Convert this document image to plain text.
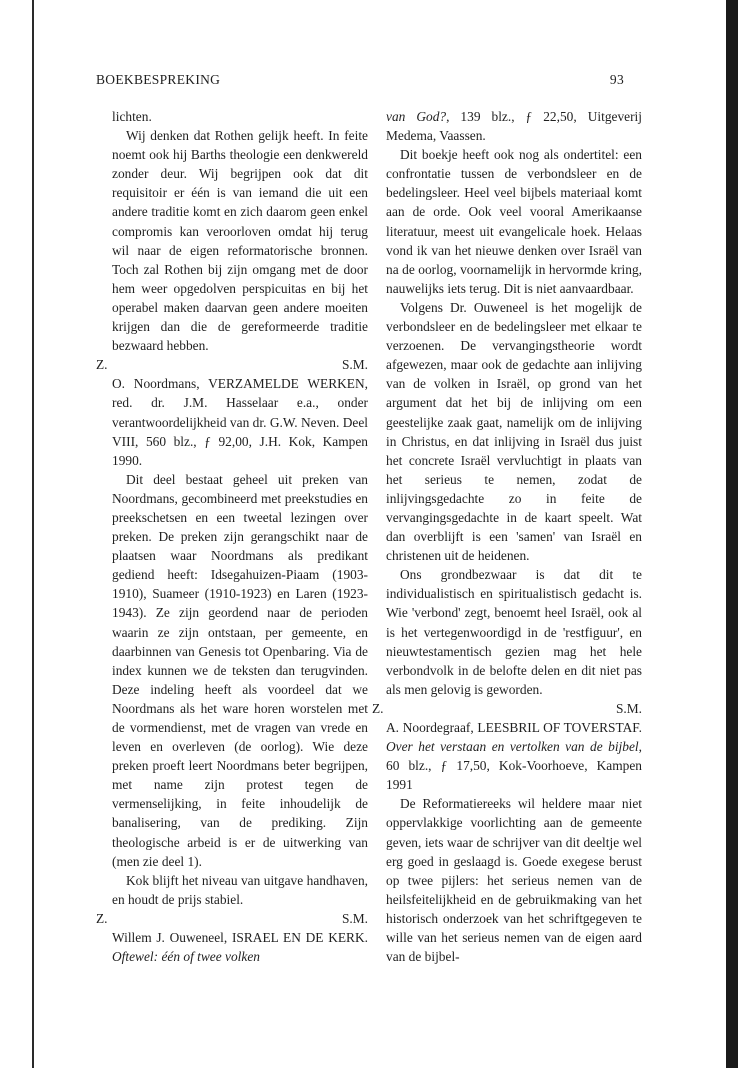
BOEKBESPREKING	93

lichten.

Wij denken dat Rothen gelijk heeft. In feite noemt ook hij Barths theologie een denkwereld zonder deur. Wij begrijpen ook dat dit requisitoir er één is van iemand die uit een andere traditie komt en zich daarom geen enkel compromis kan veroorloven omdat hij terug wil naar de eigen reformatorische bronnen. Toch zal Rothen bij zijn omgang met de door hem weer opgedolven perspicuitas en bij het operabel maken daarvan geen andere moeiten krijgen dan die de gereformeerde traditie bezwaard hebben.

Z.	S.M.

O. Noordmans, VERZAMELDE WERKEN, red. dr. J.M. Hasselaar e.a., onder verantwoordelijkheid van dr. G.W. Neven. Deel VIII, 560 blz., ƒ 92,00, J.H. Kok, Kampen 1990.

Dit deel bestaat geheel uit preken van Noordmans, gecombineerd met preekstudies en preekschetsen en een tweetal lezingen over preken. De preken zijn gerangschikt naar de plaatsen waar Noordmans als predikant gediend heeft: Idsegahuizen-Piaam (1903-1910), Suameer (1910-1923) en Laren (1923-1943). Ze zijn geordend naar de perioden waarin ze zijn ontstaan, per gemeente, en daarbinnen van Genesis tot Openbaring. Via de index kunnen we de teksten dan terugvinden. Deze indeling heeft als voordeel dat we Noordmans als het ware horen worstelen met de vormendienst, met de vragen van vrede en leven en overleven (de oorlog). Wie deze preken proeft leert Noordmans beter begrijpen, met name zijn protest tegen de vermenselijking, in feite inhoudelijk de banalisering, van de prediking. Zijn theologische arbeid is er de uitwerking van (men zie deel 1).

Kok blijft het niveau van uitgave handhaven, en houdt de prijs stabiel.

Z.	S.M.

Willem J. Ouweneel, ISRAEL EN DE KERK. Oftewel: één of twee volken

van God?, 139 blz., ƒ 22,50, Uitgeverij Medema, Vaassen.

Dit boekje heeft ook nog als ondertitel: een confrontatie tussen de verbondsleer en de bedelingsleer. Heel veel bijbels materiaal komt aan de orde. Ook veel vooral Amerikaanse literatuur, meest uit evangelicale hoek. Helaas vond ik van het nieuwe denken over Israël van na de oorlog, voornamelijk in hervormde kring, nauwelijks iets terug. Dit is niet aanvaardbaar.

Volgens Dr. Ouweneel is het mogelijk de verbondsleer en de bedelingsleer met elkaar te verzoenen. De vervangingstheorie wordt afgewezen, maar ook de gedachte aan inlijving van de volken in Israël, op grond van het argument dat het bij de inlijving om een geestelijke zaak gaat, namelijk om de inlijving in Christus, en dat inlijving in Israël dus juist het concrete Israël vervluchtigt in plaats van het serieus te nemen, zodat de inlijvingsgedachte zo in feite de vervangingsgedachte in de kaart speelt. Wat dan overblijft is een 'samen' van Israël en christenen uit de heidenen.

Ons grondbezwaar is dat dit te individualistisch en spiritualistisch gedacht is. Wie 'verbond' zegt, benoemt heel Israël, ook al is het vertegenwoordigd in de 'restfiguur', en nieuwtestamentisch gezien mag het hele verbondvolk in de belofte delen en dit niet pas als men gelovig is geworden.

Z.	S.M.

A. Noordegraaf, LEESBRIL OF TOVERSTAF. Over het verstaan en vertolken van de bijbel, 60 blz., ƒ 17,50, Kok-Voorhoeve, Kampen 1991

De Reformatiereeks wil heldere maar niet oppervlakkige voorlichting aan de gemeente geven, iets waar de schrijver van dit deeltje wel erg goed in geslaagd is. Goede exegese berust op twee pijlers: het serieus nemen van de heilsfeitelijkheid en de gebruikmaking van het historisch onderzoek van het schriftgegeven te wille van het serieus nemen van de eigen aard van de bijbel-
